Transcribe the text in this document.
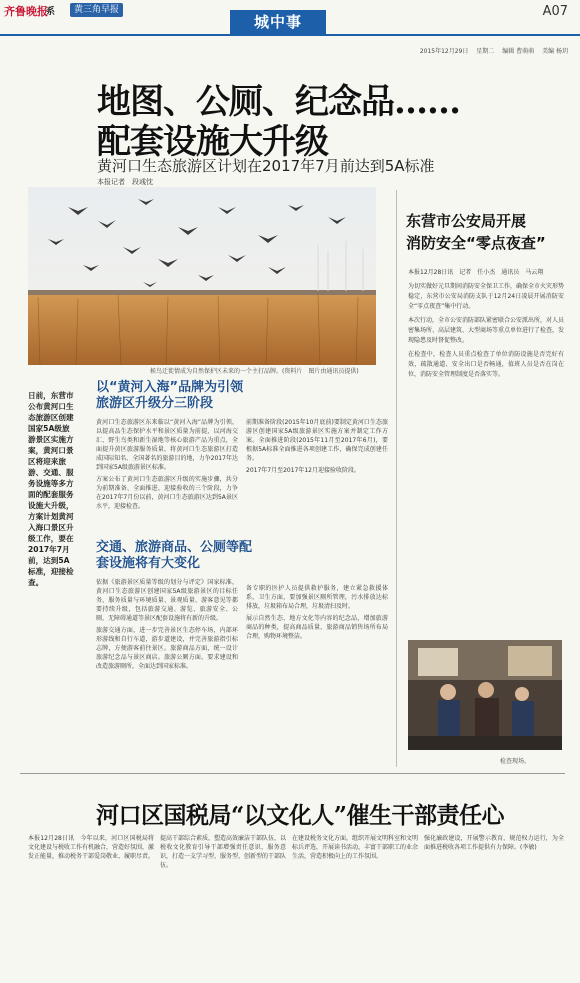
齐鲁晚报
系	黄三角早报
城中事
A07
2015年12月29日 星期二 编辑 曹萌萌 美编 杨玥
地图、公厕、纪念品……
配套设施大升级
黄河口生态旅游区计划在2017年7月前达到5A标准
本报记者　段彧忱
候鸟迁徙情成为自然保护区未来的一个主打品牌。(资料片　图片由通讯员提供)
日前，东营市公布黄河口生态旅游区创建国家5A级旅游景区实施方案，黄河口景区将迎来旅游、交通、服务设施等多方面的配套服务设施大升级，方案计划黄河入海口景区升级工作，要在2017年7月前，达到5A标准，迎接检查。
以“黄河入海”品牌为引领旅游区升级分三阶段

黄河口生态旅游区东来临以“黄河入海”品牌为引领，以提高品生态保护水平和景区质量为前提，以河海交汇、野生鸟类和新生湿地等核心旅游产品为重点，全面提升黄区旅游服务质量，将黄河口生态旅游区打造成国际知名、全国著名的旅游目的地，力争2017年达到国家5A级旅游景区标准。

方案公布了黄河口生态旅游区升级的实施步骤，共分为前期准备、全面推进、迎接验收的三个阶段，力争在2017年7月份以前，黄河口生态旅游区达到5A景区水平，迎接检查。

交通、旅游商品、公厕等配套设施将有大变化

依据《旅游景区质量等级的划分与评定》国家标准，黄河口生态旅游区创建国家5A级旅游景区的目标任务，服务质量与环境质量、景观质量、游客意见等都要持续升级，包括旅游交通、游览、旅游安全、公厕、无障碍通道等景区配套设施将有新的升级。

旅游交通方面，进一步完善景区生态停车场，内部环形游线和自行车道，游步道建设，并完善旅游指引标志牌，方便游客前往景区。旅游商品方面，统一设计旅游纪念品与景区商店。旅游公厕方面，要求建设和改造旅游厕所，全面达到国家标准。

前期准备阶段(2015年10月底前)要制定黄河口生态旅游区创建国家5A级旅游景区实施方案并制定工作方案。全面推进阶段(2015年11月至2017年6月)，要根据5A标准全面推进各项创建工作，确保完成创建任务。

2017年7月至2017年12月迎接验收阶段。

备专职的医护人员提供救护服务，建立紧急救援体系，卫生方面，要加强景区厕所管理，污水排放达标排放，垃圾箱布局合理，垃圾清扫及时。

展示自然生态、地方文化等内容的纪念品，增加旅游商品的种类，提高商品质量，旅游商品销售场所布局合理，购物环境整洁。

东营市公安局开展
消防安全“零点夜查”

本报12月28日讯　记者　任小杰　通讯员　马云翔

为切实做好元旦期间消防安全保卫工作，确保全市火灾形势稳定，东营市公安局消防支队于12月24日凌晨开展消防安全“零点夜查”集中行动。

本次行动，全市公安消防部队紧密联合公安派出所，对人员密集场所、高层建筑、大型商场等重点单位进行了检查，发现隐患及时督促整改。

在检查中，检查人员重点检查了单位消防设施是否完好有效，疏散通道、安全出口是否畅通，值班人员是否在岗在位，消防安全管理制度是否落实等。

检查现场。
河口区国税局“以文化人”催生干部责任心

本报12月28日讯　今年以来，河口区国税局将文化建设与税收工作有机融合，营造好氛围，激发正能量，推动税务干部爱岗敬业、履职尽责。

提高干部综合素质，塑造高效廉洁干部队伍，以税收文化教育引导干部增强责任意识、服务意识，打造一支学习型、服务型、创新型的干部队伍。

在建设税务文化方面，组织开展文明科室和文明标兵评选，开展读书活动，丰富干部职工的业余生活，营造积极向上的工作氛围。

强化廉政建设，开展警示教育，规范权力运行，为全面推进税收各项工作提供有力保障。(李敏)
